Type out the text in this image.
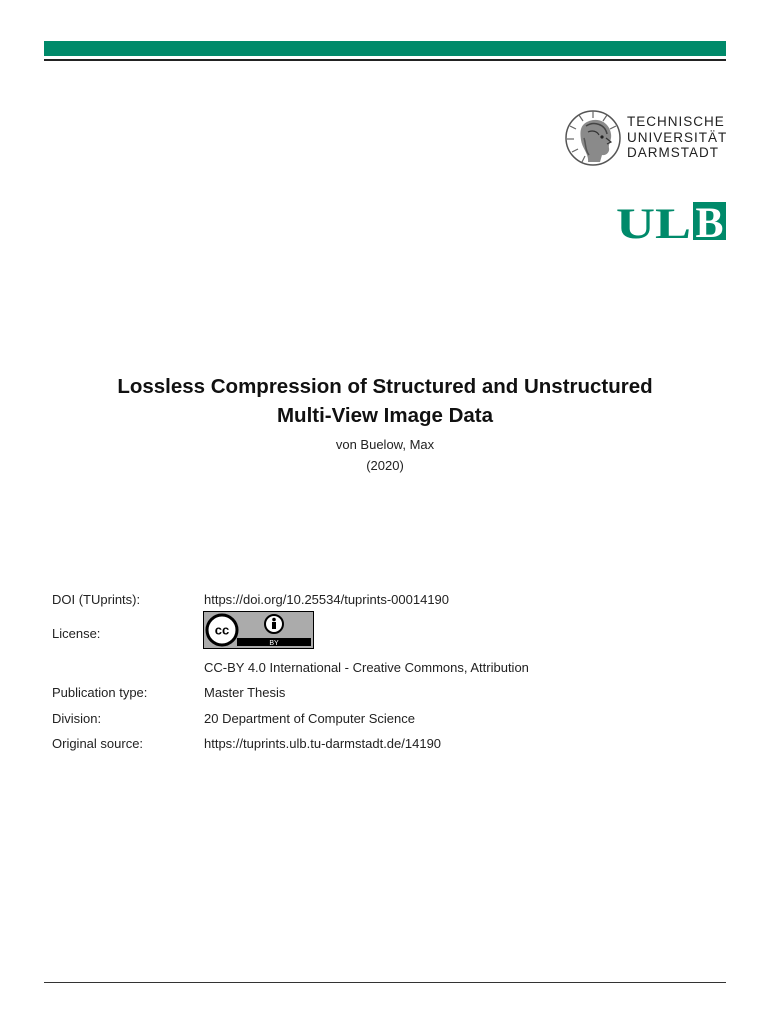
TECHNISCHE
UNIVERSITÄT
DARMSTADT
UL B
Lossless Compression of Structured and Unstructured
Multi-View Image Data
von Buelow, Max
(2020)
DOI (TUprints):	https://doi.org/10.25534/tuprints-00014190
License:	cc
BY
CC-BY 4.0 International - Creative Commons, Attribution
Publication type:	Master Thesis
Division:	20 Department of Computer Science
Original source:	https://tuprints.ulb.tu-darmstadt.de/14190
